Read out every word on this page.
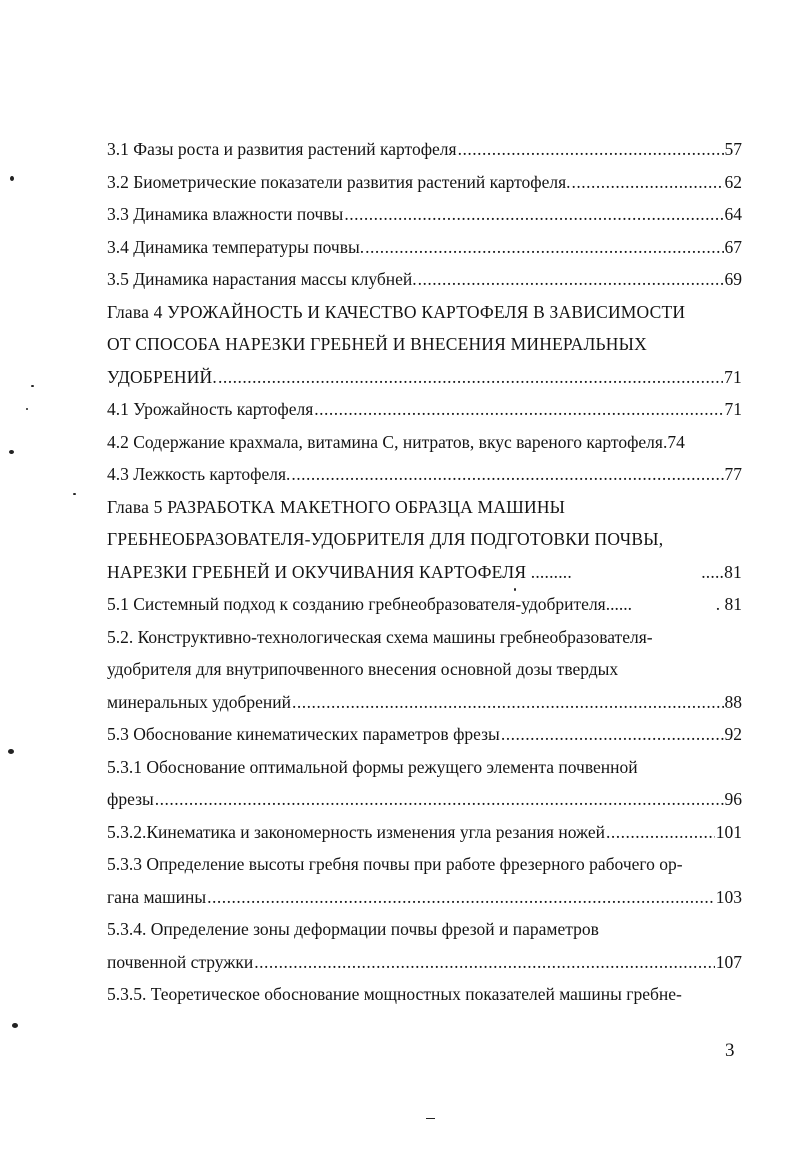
3.1 Фазы роста и развития растений картофеля .....	57
3.2 Биометрические показатели развития растений картофеля. .....	62
3.3 Динамика влажности почвы .....	64
3.4 Динамика температуры почвы. .....	67
3.5 Динамика нарастания массы клубней. .....	69
Глава 4 УРОЖАЙНОСТЬ И КАЧЕСТВО КАРТОФЕЛЯ В ЗАВИСИМОСТИ
ОТ СПОСОБА НАРЕЗКИ ГРЕБНЕЙ И ВНЕСЕНИЯ МИНЕРАЛЬНЫХ
УДОБРЕНИЙ. .....	71
4.1 Урожайность картофеля .....	71
4.2 Содержание крахмала, витамина С, нитратов, вкус вареного картофеля. 74
4.3 Лежкость картофеля. .....	77
Глава 5 РАЗРАБОТКА МАКЕТНОГО ОБРАЗЦА МАШИНЫ
ГРЕБНЕОБРАЗОВАТЕЛЯ-УДОБРИТЕЛЯ ДЛЯ ПОДГОТОВКИ ПОЧВЫ,
НАРЕЗКИ ГРЕБНЕЙ И ОКУЧИВАНИЯ КАРТОФЕЛЯ .........	.....81
5.1 Системный подход к созданию гребнеобразователя-удобрителя......	. 81
5.2. Конструктивно-технологическая схема машины гребнеобразователя-
удобрителя для внутрипочвенного внесения основной дозы твердых
минеральных удобрений .....	88
5.3 Обоснование кинематических параметров фрезы .....	92
5.3.1 Обоснование оптимальной формы режущего элемента почвенной
фрезы .....	96
5.3.2.Кинематика и закономерность изменения угла резания ножей .....	101
5.3.3 Определение высоты гребня почвы при работе фрезерного рабочего ор-
гана машины .....	103
5.3.4. Определение зоны деформации почвы фрезой и параметров
почвенной стружки .....	107
5.3.5. Теоретическое обоснование мощностных показателей машины гребне-
3
